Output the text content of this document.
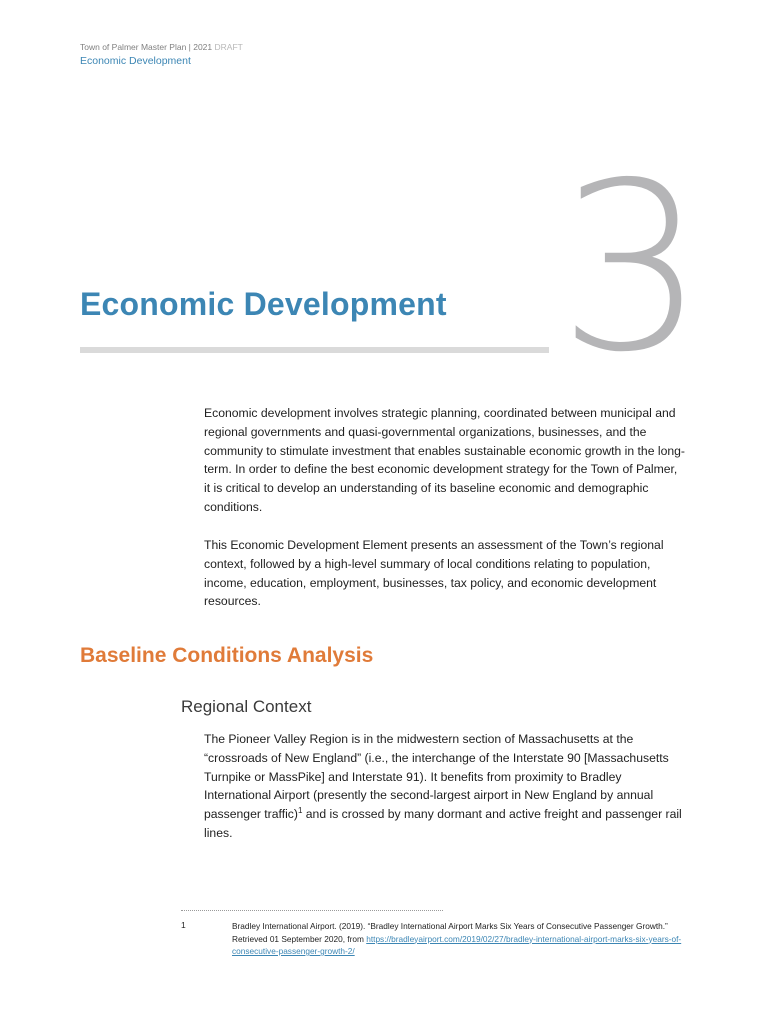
Town of Palmer Master Plan | 2021 DRAFT
Economic Development
3
Economic Development

Economic development involves strategic planning, coordinated between municipal and regional governments and quasi-governmental organizations, businesses, and the community to stimulate investment that enables sustainable economic growth in the long-term. In order to define the best economic development strategy for the Town of Palmer, it is critical to develop an understanding of its baseline economic and demographic conditions.

This Economic Development Element presents an assessment of the Town’s regional context, followed by a high-level summary of local conditions relating to population, income, education, employment, businesses, tax policy, and economic development resources.

Baseline Conditions Analysis
Regional Context

The Pioneer Valley Region is in the midwestern section of Massachusetts at the “crossroads of New England” (i.e., the interchange of the Interstate 90 [Massachusetts Turnpike or MassPike] and Interstate 91). It benefits from proximity to Bradley International Airport (presently the second-largest airport in New England by annual passenger traffic)$^1$ and is crossed by many dormant and active freight and passenger rail lines.

1	Bradley International Airport. (2019). “Bradley International Airport Marks Six Years of Consecutive Passenger Growth.” Retrieved 01 September 2020, from https://bradleyairport.com/2019/02/27/bradley-international-airport-marks-six-years-of-consecutive-passenger-growth-2/
